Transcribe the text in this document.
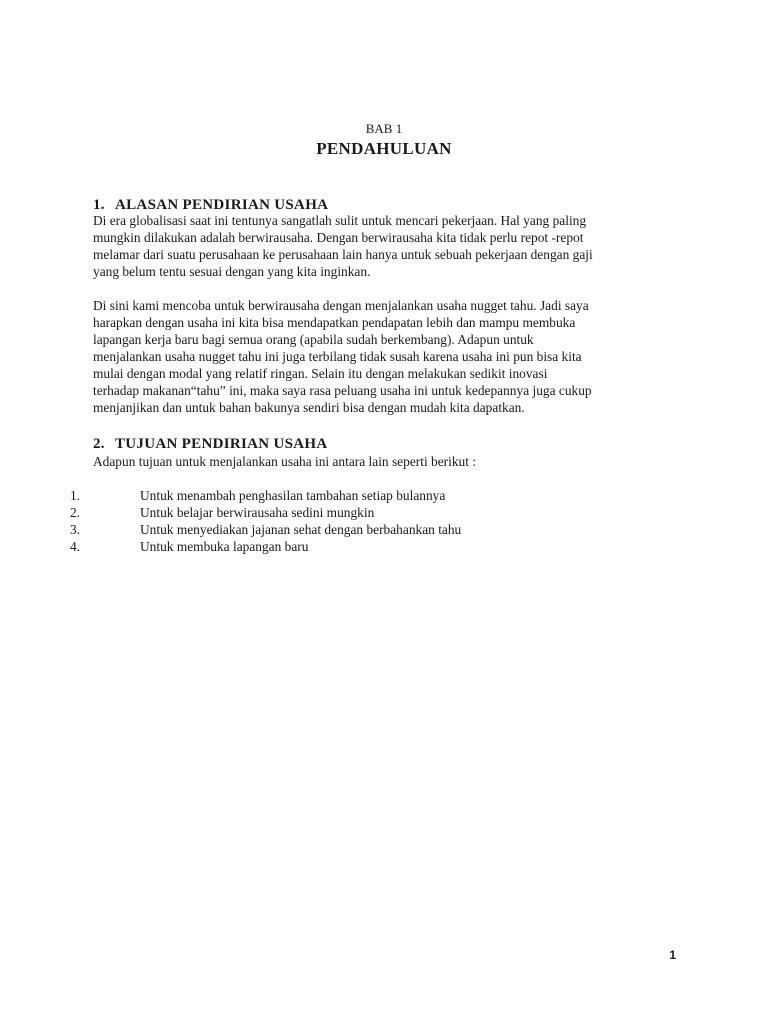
BAB 1
PENDAHULUAN
1. ALASAN PENDIRIAN USAHA
Di era globalisasi saat ini tentunya sangatlah sulit untuk mencari pekerjaan. Hal yang paling
mungkin dilakukan adalah berwirausaha. Dengan berwirausaha kita tidak perlu repot -repot
melamar dari suatu perusahaan ke perusahaan lain hanya untuk sebuah pekerjaan dengan gaji
yang belum tentu sesuai dengan yang kita inginkan.
Di sini kami mencoba untuk berwirausaha dengan menjalankan usaha nugget tahu. Jadi saya
harapkan dengan usaha ini kita bisa mendapatkan pendapatan lebih dan mampu membuka
lapangan kerja baru bagi semua orang (apabila sudah berkembang). Adapun untuk
menjalankan usaha nugget tahu ini juga terbilang tidak susah karena usaha ini pun bisa kita
mulai dengan modal yang relatif ringan. Selain itu dengan melakukan sedikit inovasi
terhadap makanan“tahu” ini, maka saya rasa peluang usaha ini untuk kedepannya juga cukup
menjanjikan dan untuk bahan bakunya sendiri bisa dengan mudah kita dapatkan.
2. TUJUAN PENDIRIAN USAHA
Adapun tujuan untuk menjalankan usaha ini antara lain seperti berikut :
1.	Untuk menambah penghasilan tambahan setiap bulannya
2.	Untuk belajar berwirausaha sedini mungkin
3.	Untuk menyediakan jajanan sehat dengan berbahankan tahu
4.	Untuk membuka lapangan baru
1
